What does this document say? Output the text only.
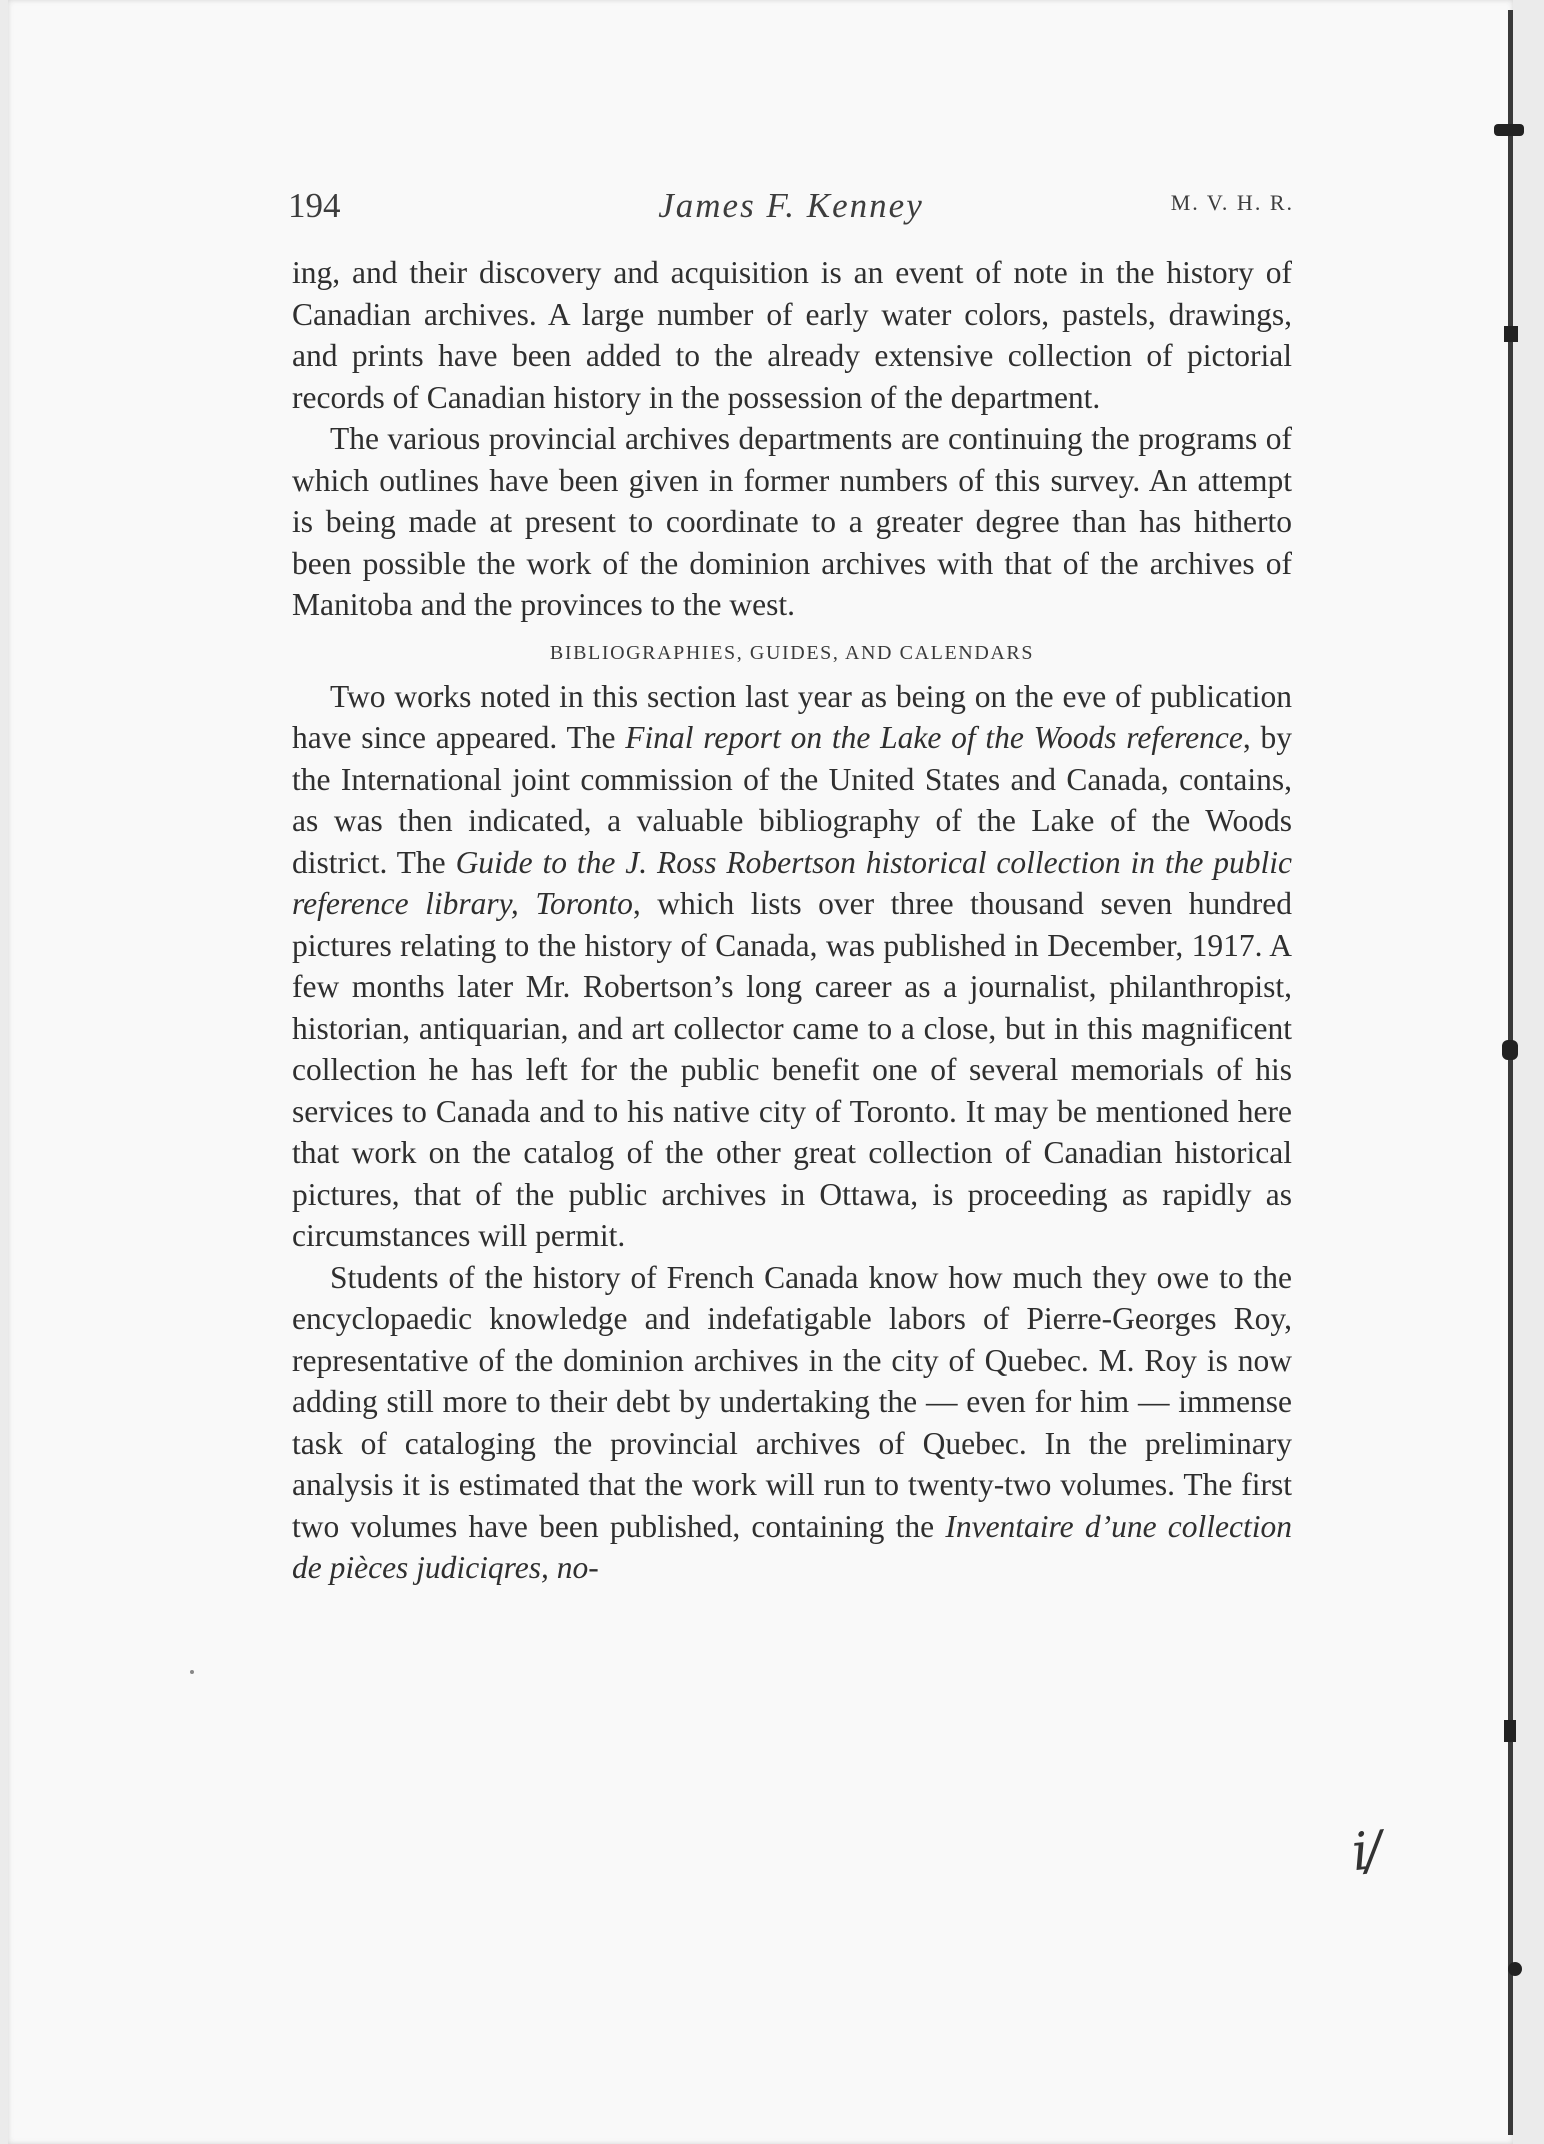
194	James F. Kenney	M. V. H. R.

ing, and their discovery and acquisition is an event of note in the history of Canadian archives. A large number of early water colors, pastels, drawings, and prints have been added to the already extensive collection of pictorial records of Canadian history in the possession of the department.

The various provincial archives departments are continuing the programs of which outlines have been given in former numbers of this survey. An attempt is being made at present to coordinate to a greater degree than has hitherto been possible the work of the dominion archives with that of the archives of Manitoba and the provinces to the west.

BIBLIOGRAPHIES, GUIDES, AND CALENDARS

Two works noted in this section last year as being on the eve of publication have since appeared. The Final report on the Lake of the Woods reference, by the International joint commission of the United States and Canada, contains, as was then indicated, a valuable bibliography of the Lake of the Woods district. The Guide to the J. Ross Robertson historical collection in the public reference library, Toronto, which lists over three thousand seven hundred pictures relating to the history of Canada, was published in December, 1917. A few months later Mr. Robertson’s long career as a journalist, philanthropist, historian, antiquarian, and art collector came to a close, but in this magnificent collection he has left for the public benefit one of several memorials of his services to Canada and to his native city of Toronto. It may be mentioned here that work on the catalog of the other great collection of Canadian historical pictures, that of the public archives in Ottawa, is proceeding as rapidly as circumstances will permit.

Students of the history of French Canada know how much they owe to the encyclopaedic knowledge and indefatigable labors of Pierre-Georges Roy, representative of the dominion archives in the city of Quebec. M. Roy is now adding still more to their debt by undertaking the — even for him — immense task of cataloging the provincial archives of Quebec. In the preliminary analysis it is estimated that the work will run to twenty-two volumes. The first two volumes have been published, containing the Inventaire d’une collection de pièces judiciqres, no-

i/
